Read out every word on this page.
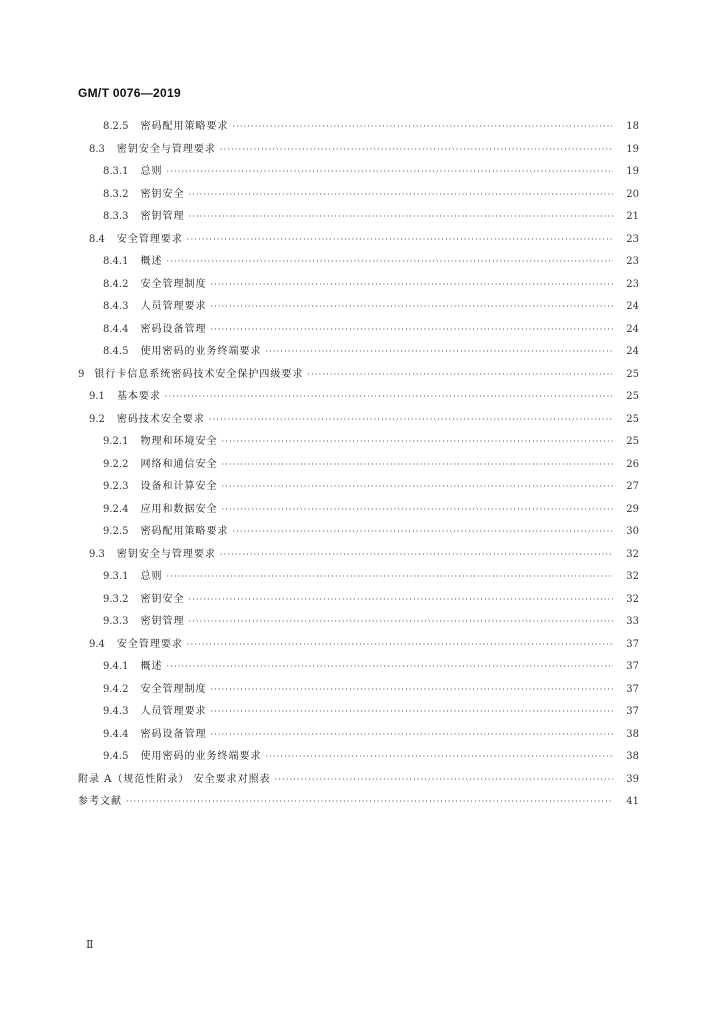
GM/T 0076—2019
8.2.5 密码配用策略要求 ·····	18
8.3 密钥安全与管理要求 ·····	19
8.3.1 总则 ·····	19
8.3.2 密钥安全 ·····	20
8.3.3 密钥管理 ·····	21
8.4 安全管理要求 ·····	23
8.4.1 概述 ·····	23
8.4.2 安全管理制度 ·····	23
8.4.3 人员管理要求 ·····	24
8.4.4 密码设备管理 ·····	24
8.4.5 使用密码的业务终端要求 ·····	24
9 银行卡信息系统密码技术安全保护四级要求 ·····	25
9.1 基本要求 ·····	25
9.2 密码技术安全要求 ·····	25
9.2.1 物理和环境安全 ·····	25
9.2.2 网络和通信安全 ·····	26
9.2.3 设备和计算安全 ·····	27
9.2.4 应用和数据安全 ·····	29
9.2.5 密码配用策略要求 ·····	30
9.3 密钥安全与管理要求 ·····	32
9.3.1 总则 ·····	32
9.3.2 密钥安全 ·····	32
9.3.3 密钥管理 ·····	33
9.4 安全管理要求 ·····	37
9.4.1 概述 ·····	37
9.4.2 安全管理制度 ·····	37
9.4.3 人员管理要求 ·····	37
9.4.4 密码设备管理 ·····	38
9.4.5 使用密码的业务终端要求 ·····	38
附录 A（规范性附录） 安全要求对照表 ·····	39
参考文献 ·····	41
Ⅱ
